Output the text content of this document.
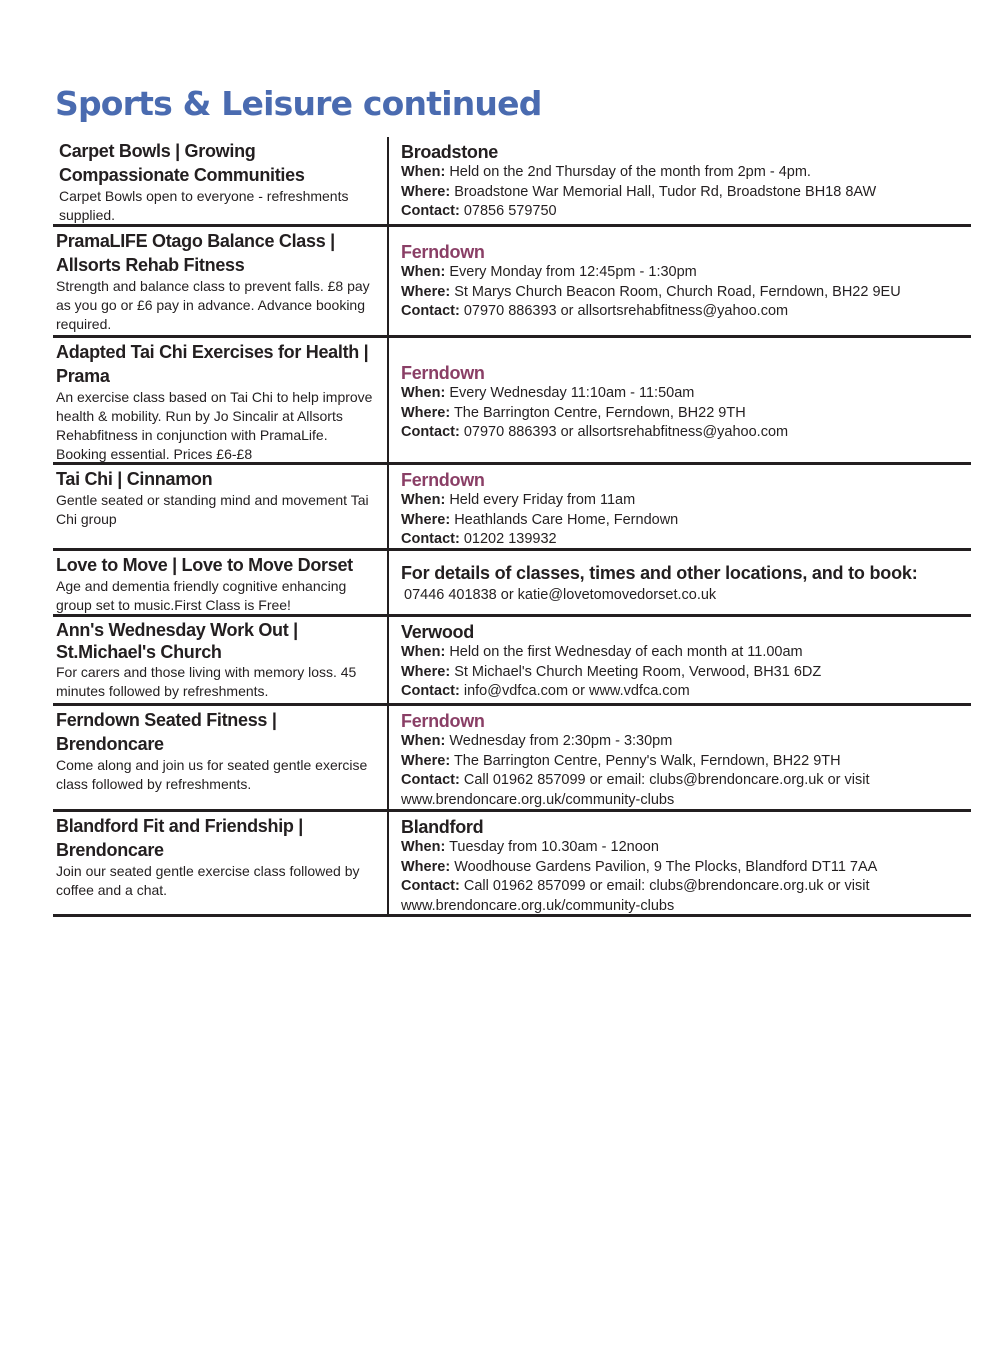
Sports & Leisure continued
Carpet Bowls | Growing Compassionate Communities
Carpet Bowls open to everyone - refreshments supplied.
Broadstone
When: Held on the 2nd Thursday of the month from 2pm - 4pm.
Where: Broadstone War Memorial Hall, Tudor Rd, Broadstone BH18 8AW
Contact: 07856 579750
PramaLIFE Otago Balance Class | Allsorts Rehab Fitness
Strength and balance class to prevent falls. £8 pay as you go or £6 pay in advance. Advance booking required.
Ferndown
When: Every Monday from 12:45pm - 1:30pm
Where: St Marys Church Beacon Room, Church Road, Ferndown, BH22 9EU
Contact: 07970 886393 or allsortsrehabfitness@yahoo.com
Adapted Tai Chi Exercises for Health | Prama
An exercise class based on Tai Chi to help improve health & mobility. Run by Jo Sincalir at Allsorts Rehabfitness in conjunction with PramaLife. Booking essential. Prices £6-£8
Ferndown
When: Every Wednesday 11:10am - 11:50am
Where: The Barrington Centre, Ferndown, BH22 9TH
Contact: 07970 886393 or allsortsrehabfitness@yahoo.com
Tai Chi | Cinnamon
Gentle seated or standing mind and movement Tai Chi group
Ferndown
When: Held every Friday from 11am
Where: Heathlands Care Home, Ferndown
Contact: 01202 139932
Love to Move | Love to Move Dorset
Age and dementia friendly cognitive enhancing group set to music.First Class is Free!
For details of classes, times and other locations, and to book:
07446 401838 or katie@lovetomovedorset.co.uk
Ann's Wednesday Work Out | St.Michael's Church
For carers and those living with memory loss. 45 minutes followed by refreshments.
Verwood
When: Held on the first Wednesday of each month at 11.00am
Where: St Michael's Church Meeting Room, Verwood, BH31 6DZ
Contact: info@vdfca.com or www.vdfca.com
Ferndown Seated Fitness | Brendoncare
Come along and join us for seated gentle exercise class followed by refreshments.
Ferndown
When: Wednesday from 2:30pm - 3:30pm
Where: The Barrington Centre, Penny's Walk, Ferndown, BH22 9TH
Contact: Call 01962 857099 or email: clubs@brendoncare.org.uk or visit www.brendoncare.org.uk/community-clubs
Blandford Fit and Friendship | Brendoncare
Join our seated gentle exercise class followed by coffee and a chat.
Blandford
When: Tuesday from 10.30am - 12noon
Where: Woodhouse Gardens Pavilion, 9 The Plocks, Blandford DT11 7AA
Contact: Call 01962 857099 or email: clubs@brendoncare.org.uk or visit www.brendoncare.org.uk/community-clubs
